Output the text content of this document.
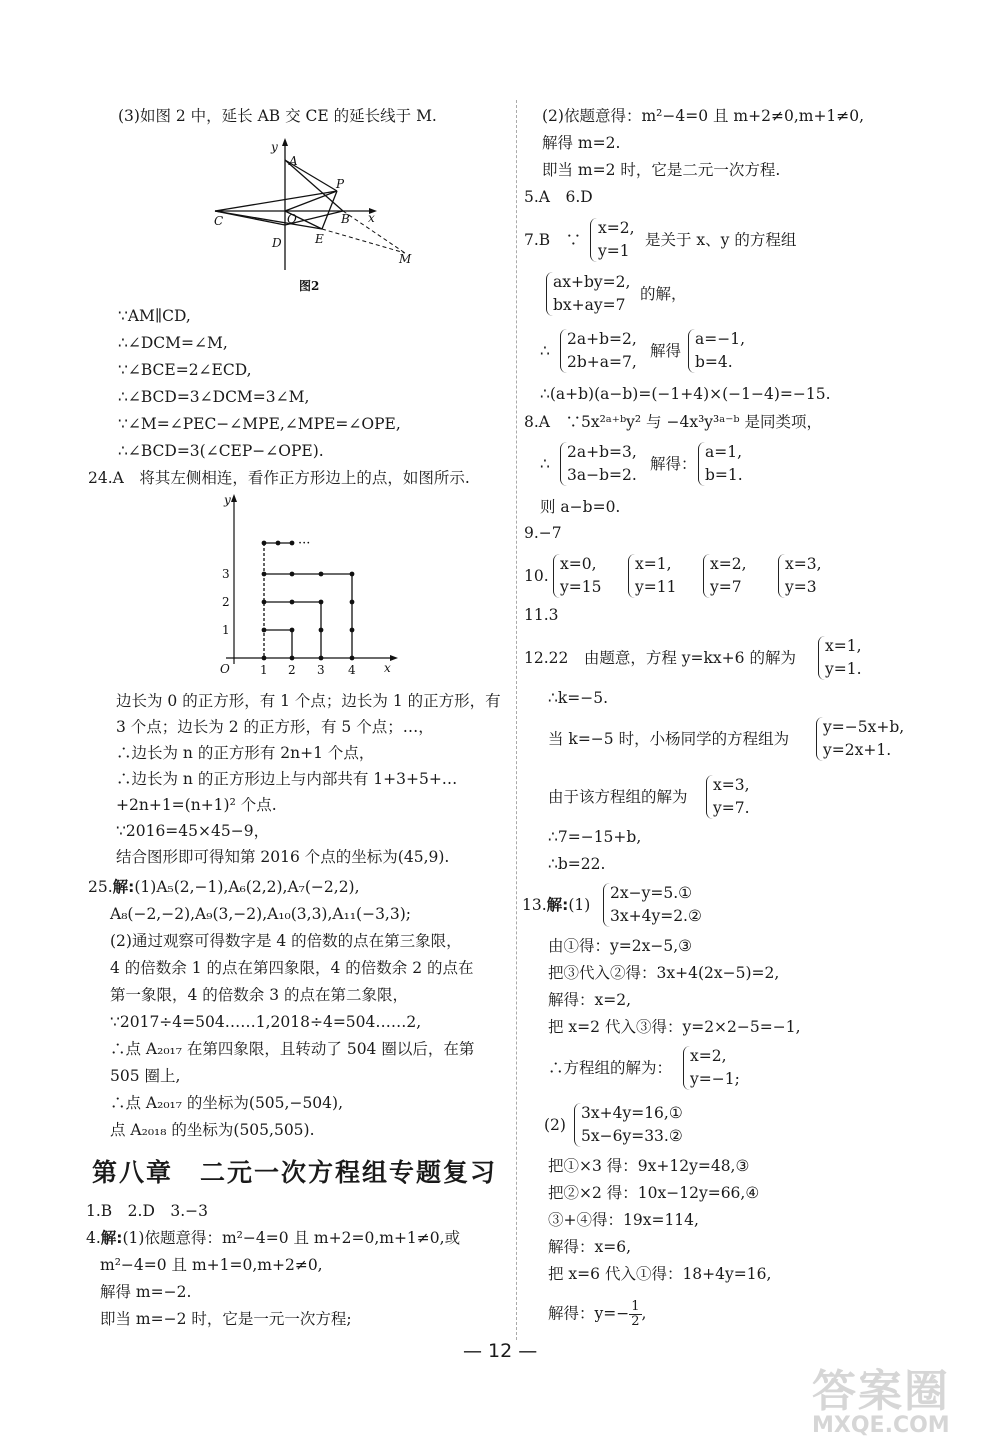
(3)如图 2 中，延长 AB 交 CE 的延长线于 M.
y
x
A
P
C	O	B
E
D
M
图2
∵AM∥CD,
∴∠DCM=∠M,
∵∠BCE=2∠ECD,
∴∠BCD=3∠DCM=3∠M,
∵∠M=∠PEC−∠MPE,∠MPE=∠OPE,
∴∠BCD=3(∠CEP−∠OPE).
24.A　 将其左侧相连，看作正方形边上的点，如图所示.
y
x
O	1 2 3 4
1
2
3
···
边长为 0 的正方形，有 1 个点；边长为 1 的正方形，有
3 个点；边长为 2 的正方形，有 5 个点；…，
∴边长为 n 的正方形有 2n+1 个点，
∴边长为 n 的正方形边上与内部共有 1+3+5+…
+2n+1=(n+1)² 个点.
∵2016=45×45−9，
结合图形即可得知第 2016 个点的坐标为(45,9).
25.解:(1)A₅(2,−1),A₆(2,2),A₇(−2,2),
A₈(−2,−2),A₉(3,−2),A₁₀(3,3),A₁₁(−3,3);
(2)通过观察可得数字是 4 的倍数的点在第三象限，
4 的倍数余 1 的点在第四象限，4 的倍数余 2 的点在
第一象限，4 的倍数余 3 的点在第二象限，
∵2017÷4=504……1,2018÷4=504……2,
∴点 A₂₀₁₇ 在第四象限，且转动了 504 圈以后，在第
505 圈上,
∴点 A₂₀₁₇ 的坐标为(505,−504),
点 A₂₀₁₈ 的坐标为(505,505).
第八章　二元一次方程组专题复习
1.B　2.D　3.−3
4.解:(1)依题意得：m²−4=0 且 m+2=0,m+1≠0,或
m²−4=0 且 m+1=0,m+2≠0,
解得 m=−2.
即当 m=−2 时，它是一元一次方程;
(2)依题意得：m²−4=0 且 m+2≠0,m+1≠0,
解得 m=2.
即当 m=2 时，它是二元一次方程.
5.A　6.D
7.B　∵
x=2,
y=1
是关于 x、y 的方程组
ax+by=2,
bx+ay=7
的解，
∴
2a+b=2,
2b+a=7,
解得
a=−1,
b=4.
∴(a+b)(a−b)=(−1+4)×(−1−4)=−15.
8.A　∵5x²ᵃ⁺ᵇy² 与 −4x³y³ᵃ⁻ᵇ 是同类项，
∴
2a+b=3,
3a−b=2.
解得：
a=1,
b=1.
则 a−b=0.
9.−7
10.
x=0,
y=15
x=1,
y=11
x=2,
y=7
x=3,
y=3
11.3
12.22　由题意，方程 y=kx+6 的解为
x=1,
y=1.
∴k=−5.
当 k=−5 时，小杨同学的方程组为
y=−5x+b,
y=2x+1.
由于该方程组的解为
x=3,
y=7.
∴7=−15+b,
∴b=22.
13.解:(1)
2x−y=5.①
3x+4y=2.②
由①得：y=2x−5,③
把③代入②得：3x+4(2x−5)=2,
解得：x=2,
把 x=2 代入③得：y=2×2−5=−1,
∴方程组的解为：
x=2,
y=−1;
(2)
3x+4y=16,①
5x−6y=33.②
把①×3 得：9x+12y=48,③
把②×2 得：10x−12y=66,④
③+④得：19x=114,
解得：x=6,
把 x=6 代入①得：18+4y=16,
解得：$y=- \frac{1}{2}$ ,
— 12 —
答案圈
MXQE.COM
